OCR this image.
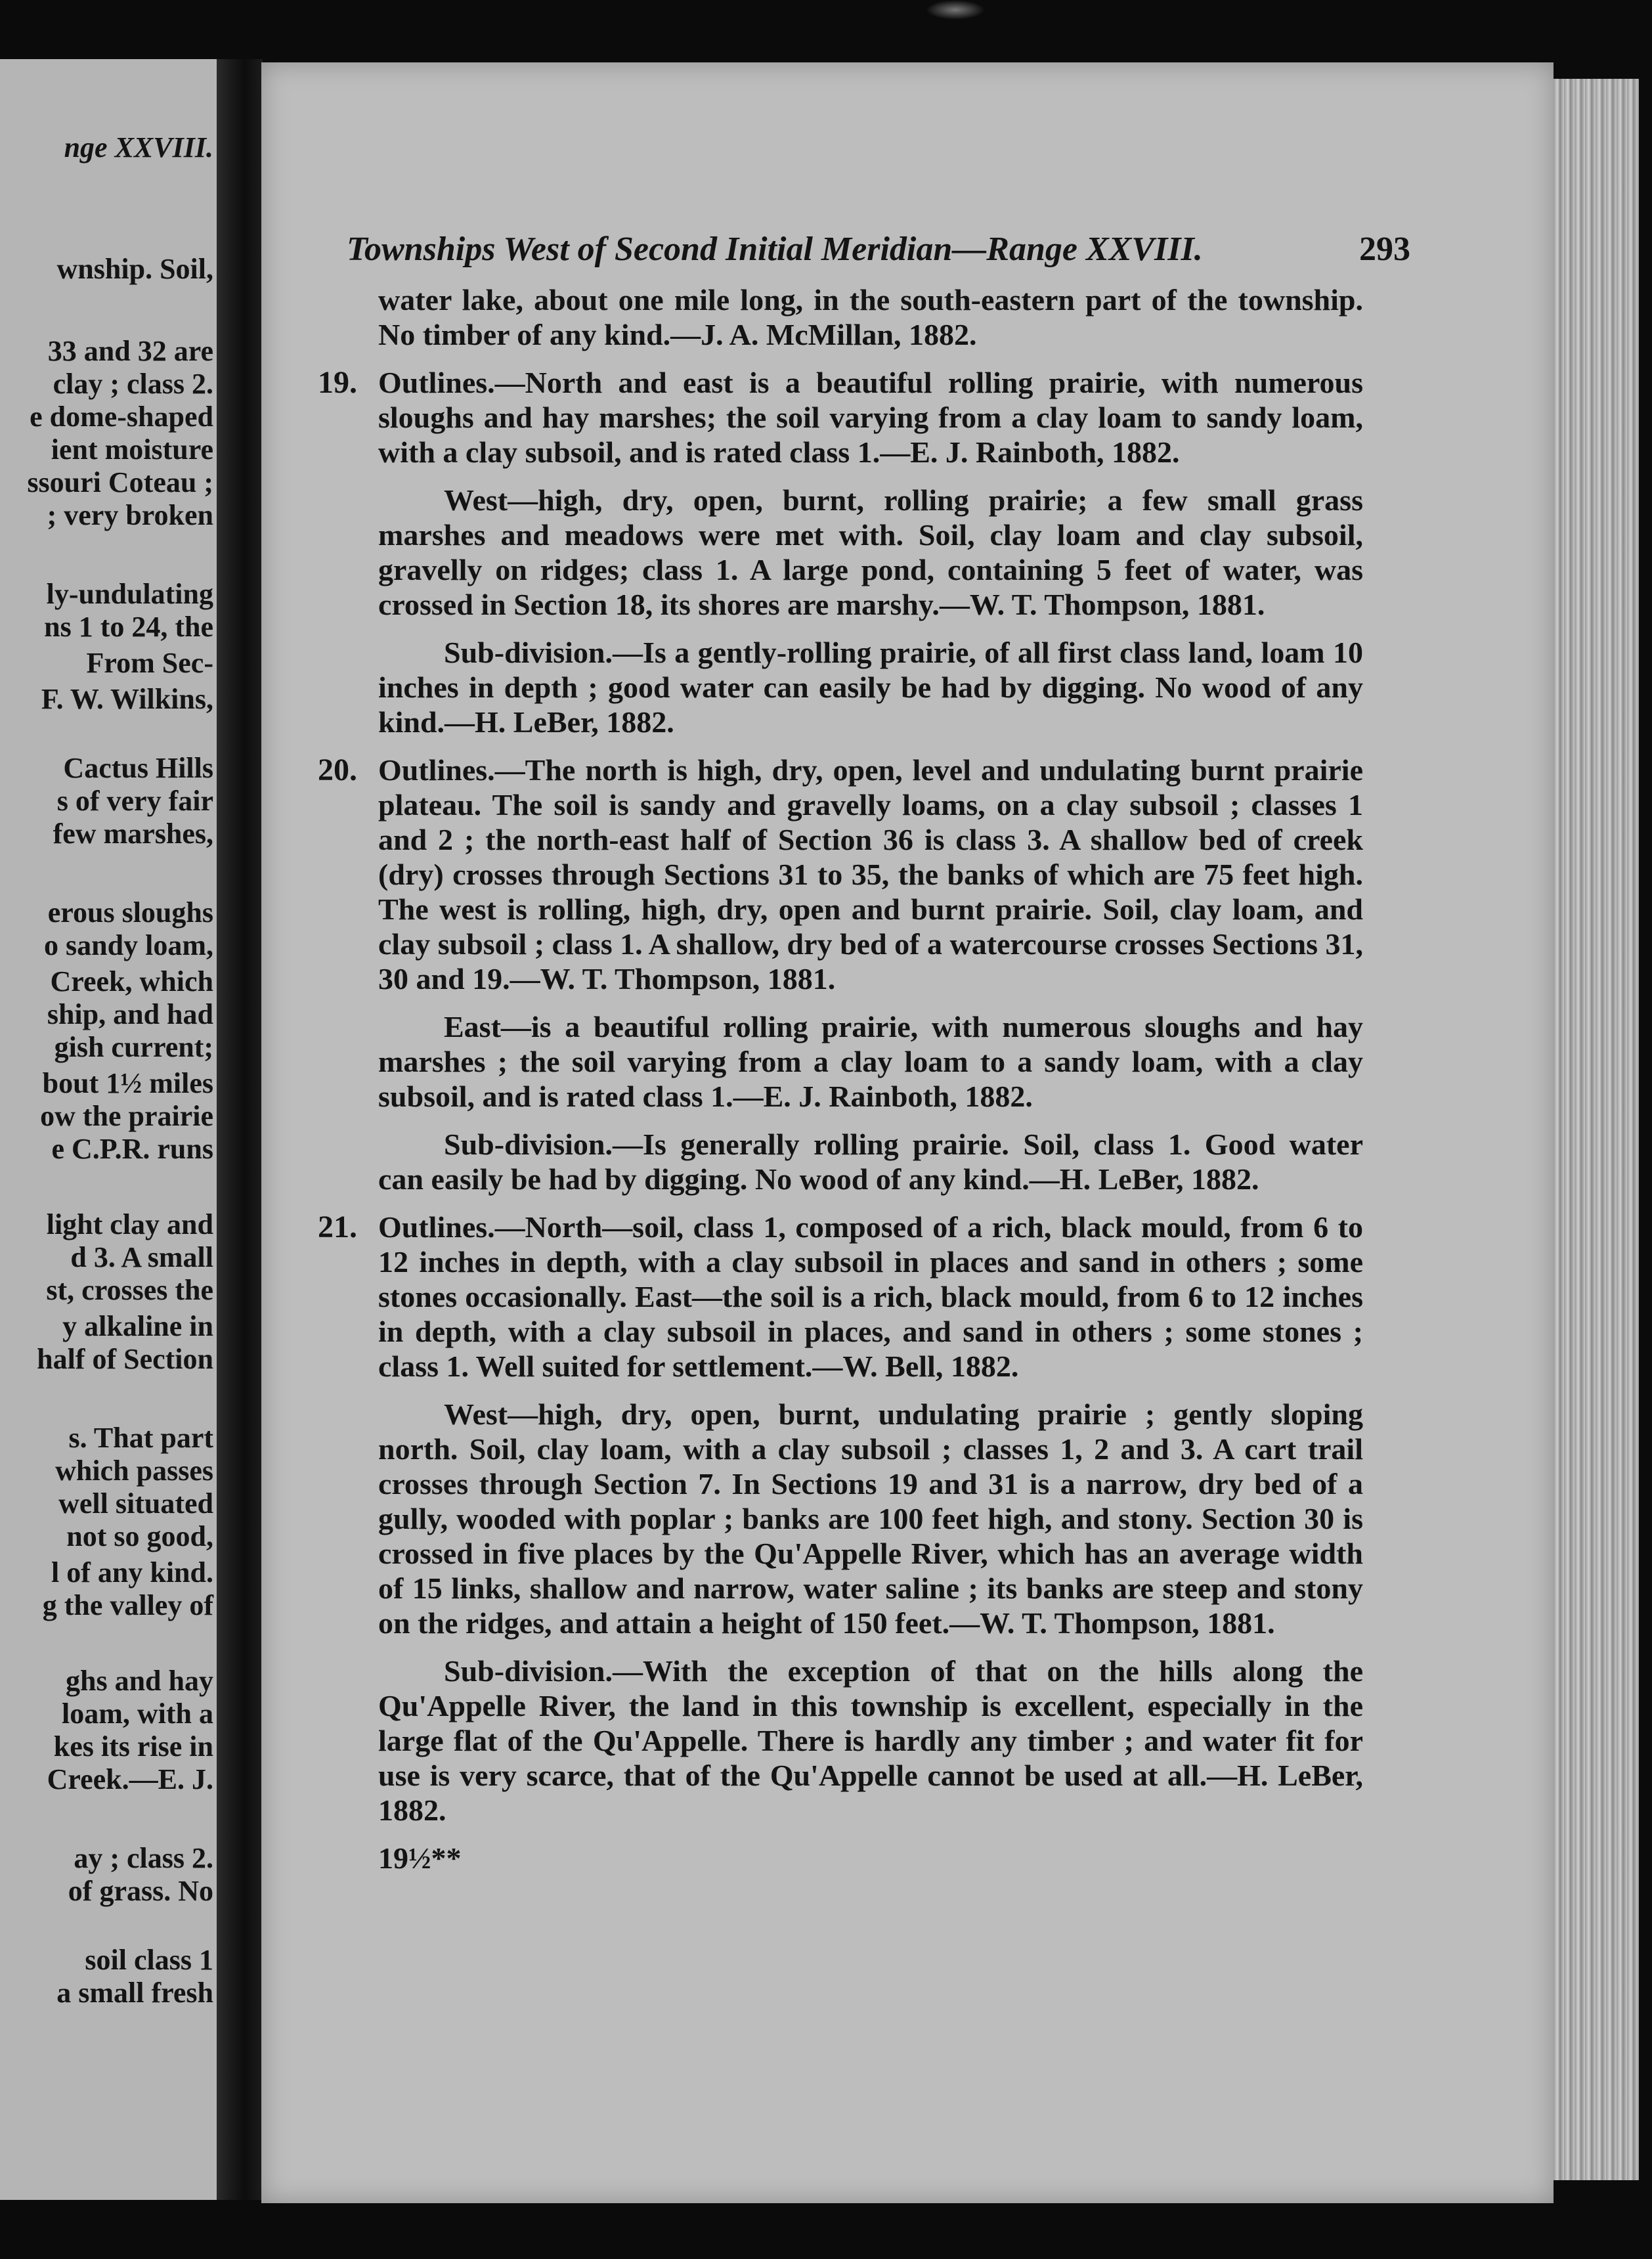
nge XXVIII.
wnship. Soil,
33 and 32 are
clay ; class 2.
e dome-shaped
ient moisture
ssouri Coteau ;
; very broken
ly-undulating
ns 1 to 24, the
From Sec-
F. W. Wilkins,
Cactus Hills
s of very fair
few marshes,
erous sloughs
o sandy loam,
Creek, which
ship, and had
gish current;
bout 1½ miles
ow the prairie
e C.P.R. runs
light clay and
d 3. A small
st, crosses the
y alkaline in
half of Section
s. That part
which passes
well situated
not so good,
l of any kind.
g the valley of
ghs and hay
loam, with a
kes its rise in
Creek.—E. J.
ay ; class 2.
of grass. No
soil class 1
a small fresh
Townships West of Second Initial Meridian—Range XXVIII.	293

water lake, about one mile long, in the south-eastern part of the township. No timber of any kind.—J. A. McMillan, 1882.

19. Outlines.—North and east is a beautiful rolling prairie, with numerous sloughs and hay marshes; the soil varying from a clay loam to sandy loam, with a clay subsoil, and is rated class 1.—E. J. Rainboth, 1882.

West—high, dry, open, burnt, rolling prairie; a few small grass marshes and meadows were met with. Soil, clay loam and clay subsoil, gravelly on ridges; class 1. A large pond, containing 5 feet of water, was crossed in Section 18, its shores are marshy.—W. T. Thompson, 1881.

Sub-division.—Is a gently-rolling prairie, of all first class land, loam 10 inches in depth ; good water can easily be had by digging. No wood of any kind.—H. LeBer, 1882.

20. Outlines.—The north is high, dry, open, level and undulating burnt prairie plateau. The soil is sandy and gravelly loams, on a clay subsoil ; classes 1 and 2 ; the north-east half of Section 36 is class 3. A shallow bed of creek (dry) crosses through Sections 31 to 35, the banks of which are 75 feet high. The west is rolling, high, dry, open and burnt prairie. Soil, clay loam, and clay subsoil ; class 1. A shallow, dry bed of a watercourse crosses Sections 31, 30 and 19.—W. T. Thompson, 1881.

East—is a beautiful rolling prairie, with numerous sloughs and hay marshes ; the soil varying from a clay loam to a sandy loam, with a clay subsoil, and is rated class 1.—E. J. Rainboth, 1882.

Sub-division.—Is generally rolling prairie. Soil, class 1. Good water can easily be had by digging. No wood of any kind.—H. LeBer, 1882.

21. Outlines.—North—soil, class 1, composed of a rich, black mould, from 6 to 12 inches in depth, with a clay subsoil in places and sand in others ; some stones occasionally. East—the soil is a rich, black mould, from 6 to 12 inches in depth, with a clay subsoil in places, and sand in others ; some stones ; class 1. Well suited for settlement.—W. Bell, 1882.

West—high, dry, open, burnt, undulating prairie ; gently sloping north. Soil, clay loam, with a clay subsoil ; classes 1, 2 and 3. A cart trail crosses through Section 7. In Sections 19 and 31 is a narrow, dry bed of a gully, wooded with poplar ; banks are 100 feet high, and stony. Section 30 is crossed in five places by the Qu'Appelle River, which has an average width of 15 links, shallow and narrow, water saline ; its banks are steep and stony on the ridges, and attain a height of 150 feet.—W. T. Thompson, 1881.

Sub-division.—With the exception of that on the hills along the Qu'Appelle River, the land in this township is excellent, especially in the large flat of the Qu'Appelle. There is hardly any timber ; and water fit for use is very scarce, that of the Qu'Appelle cannot be used at all.—H. LeBer, 1882.

19½**
